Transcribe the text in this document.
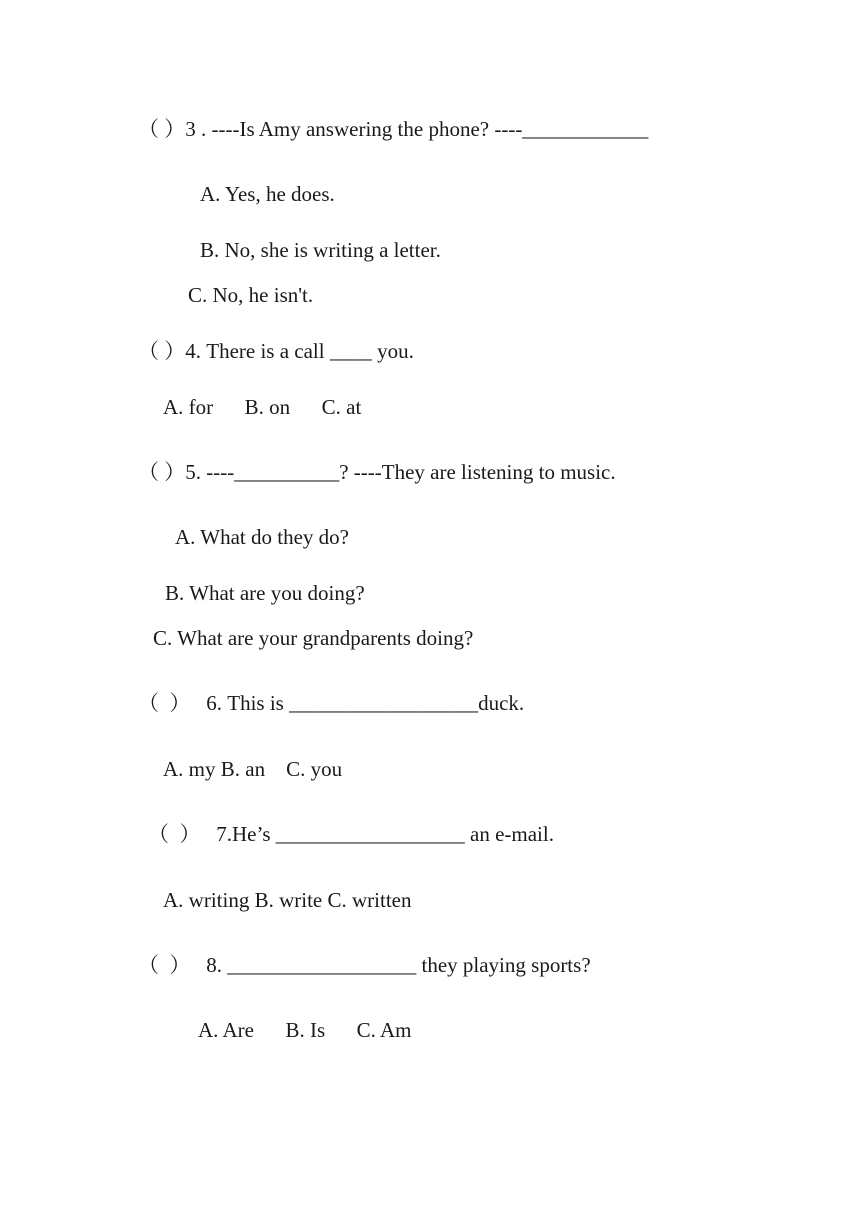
（ ）3 . ----Is Amy answering the phone? ----____________
A. Yes, he does.
B. No, she is writing a letter.
C. No, he isn't.
（ ）4. There is a call ____ you.
A. for      B. on      C. at
（ ）5. ----__________? ----They are listening to music.
A. What do they do?
B. What are you doing?
C. What are your grandparents doing?
（  ）   6. This is __________________duck.
A. my B. an    C. you
（  ）   7.He’s __________________ an e-mail.
A. writing B. write C. written
（  ）   8. __________________ they playing sports?
A. Are      B. Is      C. Am
